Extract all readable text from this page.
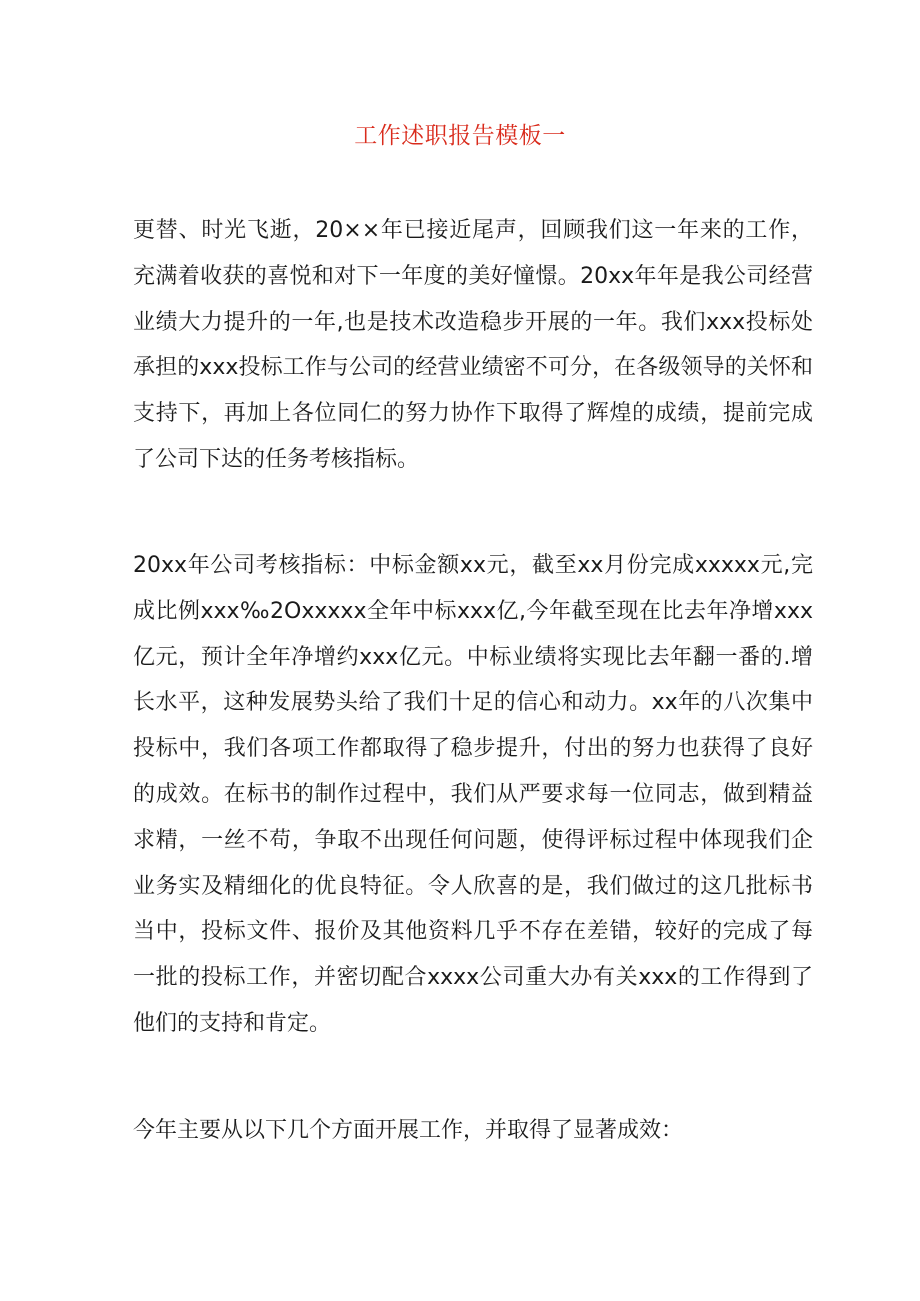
工作述职报告模板一
更替、时光飞逝，20××年已接近尾声，回顾我们这一年来的工作，充满着收获的喜悦和对下一年度的美好憧憬。20xx年年是我公司经营业绩大力提升的一年,也是技术改造稳步开展的一年。我们xxx投标处承担的xxx投标工作与公司的经营业绩密不可分，在各级领导的关怀和支持下，再加上各位同仁的努力协作下取得了辉煌的成绩，提前完成了公司下达的任务考核指标。
20xx年公司考核指标：中标金额xx元，截至xx月份完成xxxxx元,完成比例xxx‰2Oxxxxx全年中标xxx亿,今年截至现在比去年净增xxx亿元，预计全年净增约xxx亿元。中标业绩将实现比去年翻一番的.增长水平，这种发展势头给了我们十足的信心和动力。xx年的八次集中投标中，我们各项工作都取得了稳步提升，付出的努力也获得了良好的成效。在标书的制作过程中，我们从严要求每一位同志，做到精益求精，一丝不苟，争取不出现任何问题，使得评标过程中体现我们企业务实及精细化的优良特征。令人欣喜的是，我们做过的这几批标书当中，投标文件、报价及其他资料几乎不存在差错，较好的完成了每一批的投标工作，并密切配合xxxx公司重大办有关xxx的工作得到了他们的支持和肯定。
今年主要从以下几个方面开展工作，并取得了显著成效：
